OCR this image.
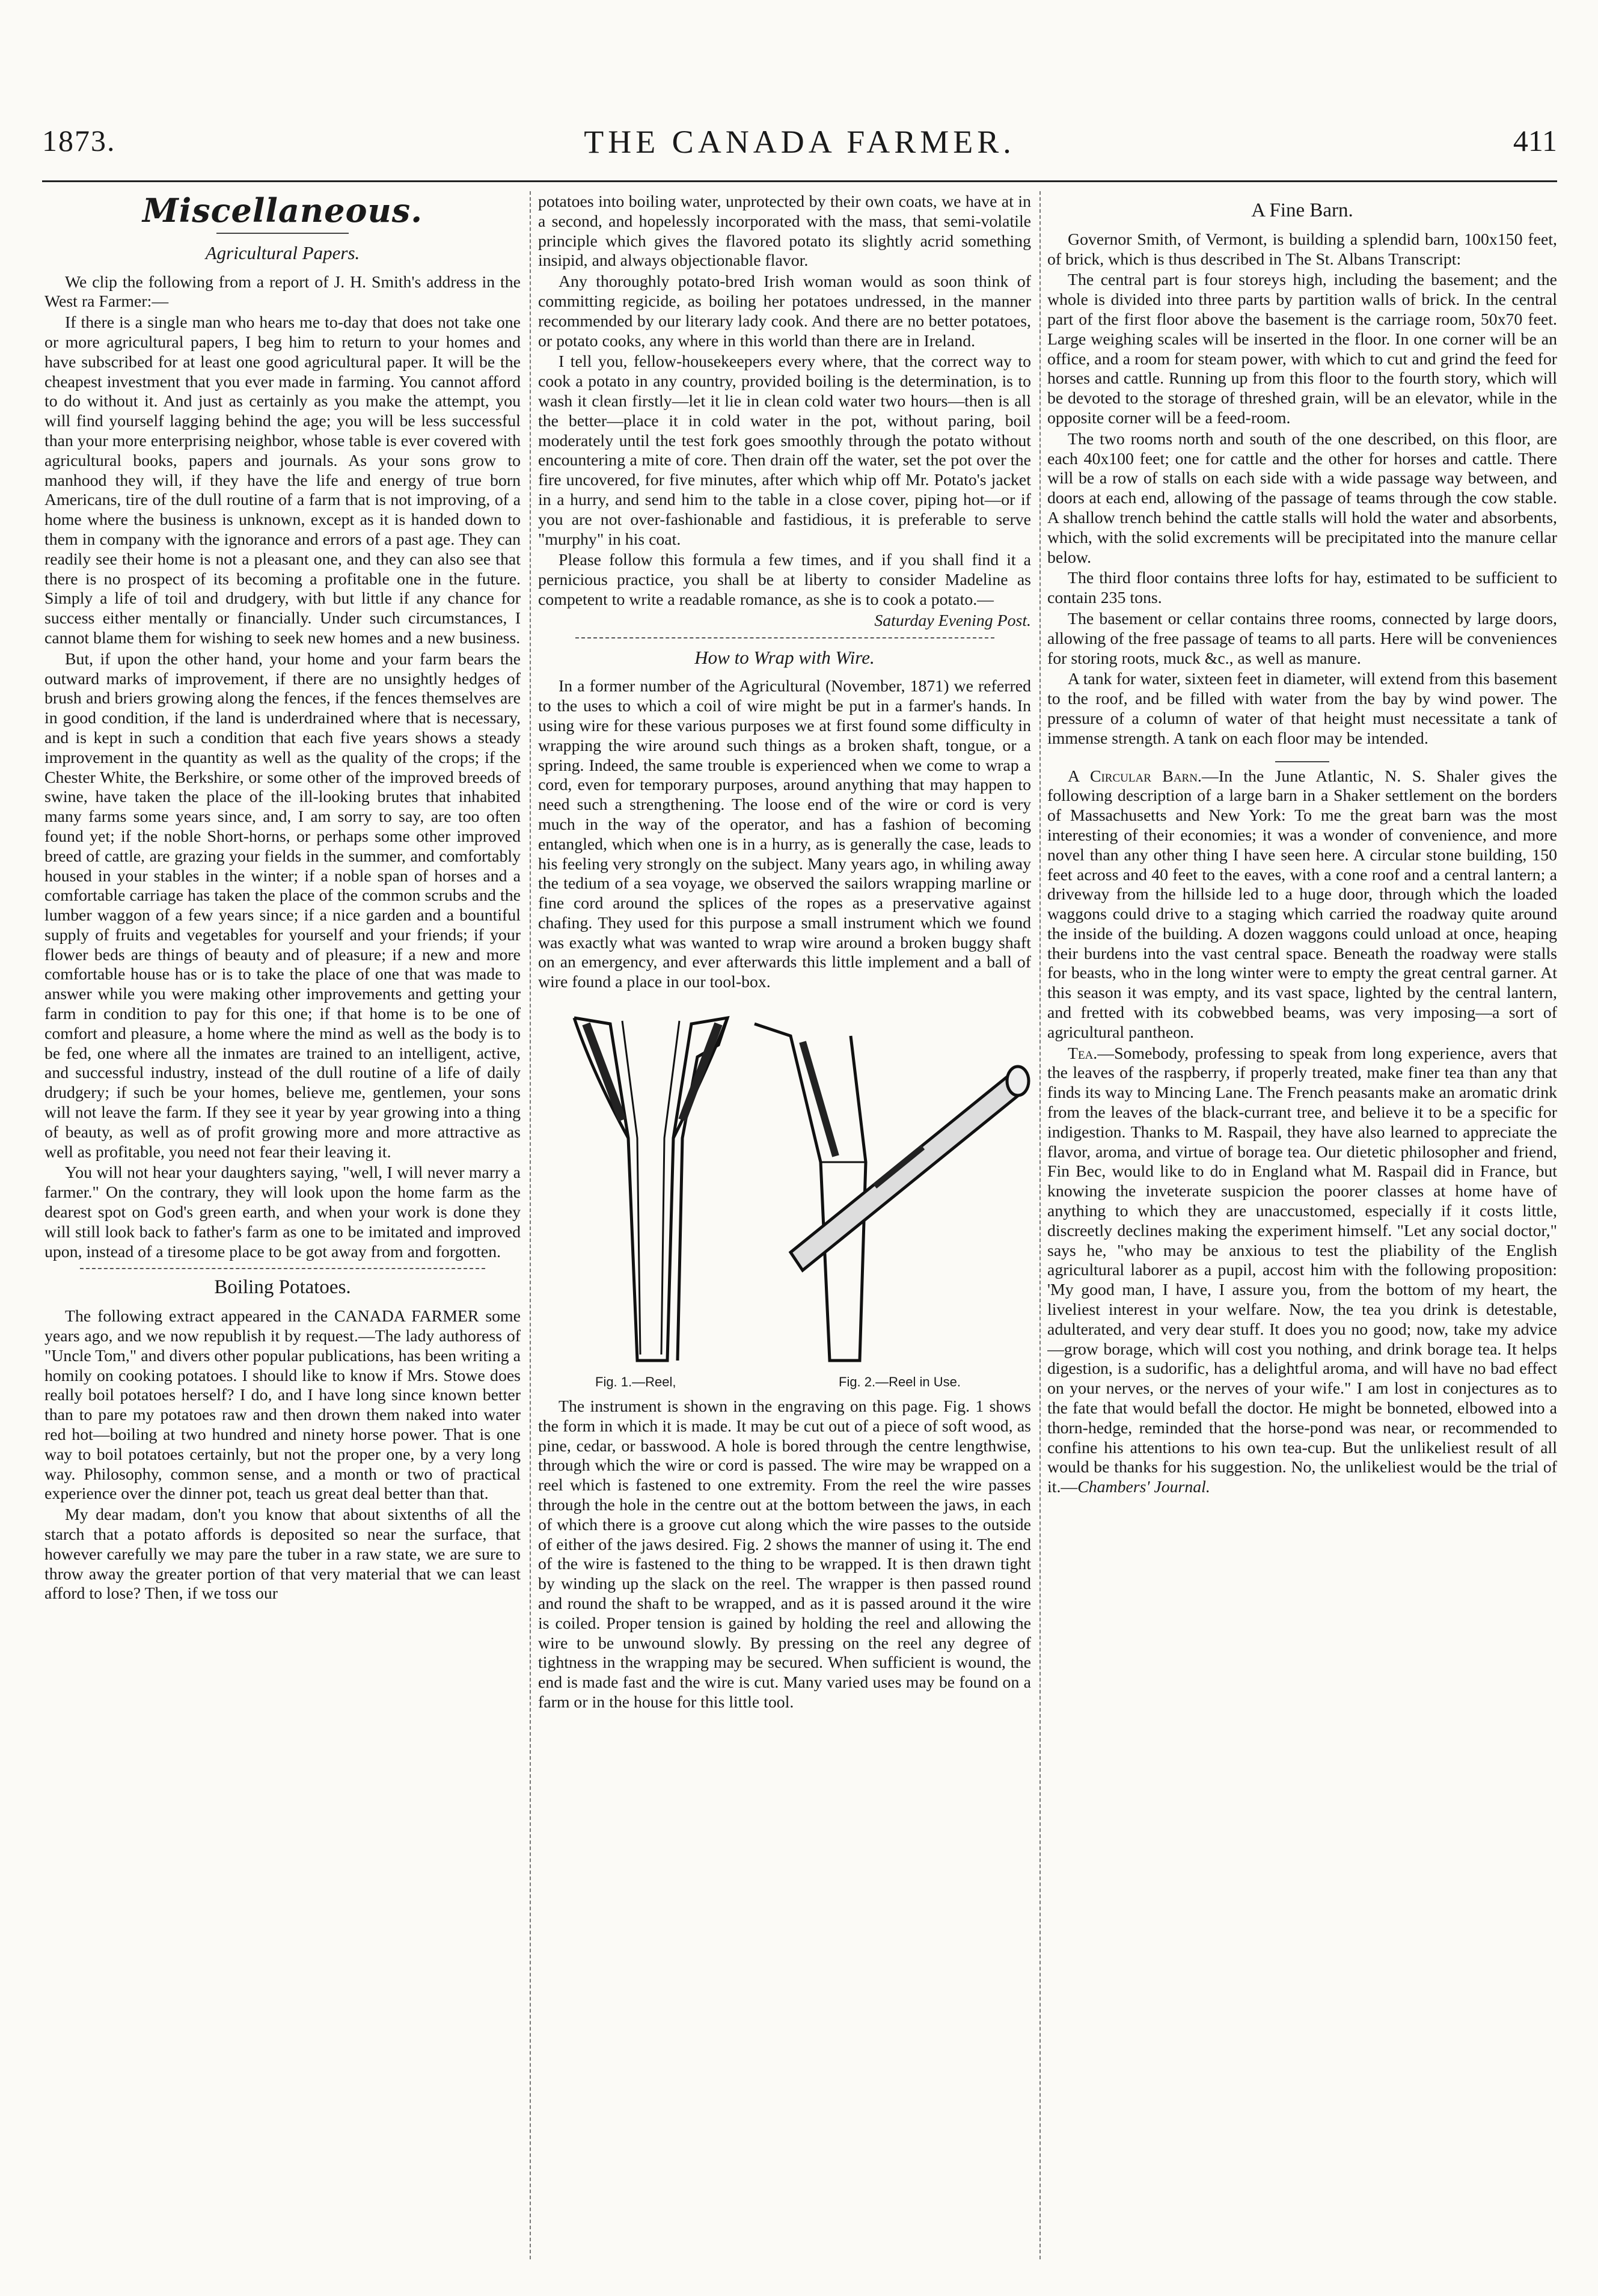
1873.	THE CANADA FARMER.	411
Miscellaneous.
Agricultural Papers.

We clip the following from a report of J. H. Smith's address in the West ra Farmer:—

If there is a single man who hears me to-day that does not take one or more agricultural papers, I beg him to return to your homes and have subscribed for at least one good agricultural paper. It will be the cheapest investment that you ever made in farming. You cannot afford to do without it. And just as certainly as you make the attempt, you will find yourself lagging behind the age; you will be less successful than your more enterprising neighbor, whose table is ever covered with agricultural books, papers and journals. As your sons grow to manhood they will, if they have the life and energy of true born Americans, tire of the dull routine of a farm that is not improving, of a home where the business is unknown, except as it is handed down to them in company with the ignorance and errors of a past age. They can readily see their home is not a pleasant one, and they can also see that there is no prospect of its becoming a profitable one in the future. Simply a life of toil and drudgery, with but little if any chance for success either mentally or financially. Under such circumstances, I cannot blame them for wishing to seek new homes and a new business.

But, if upon the other hand, your home and your farm bears the outward marks of improvement, if there are no unsightly hedges of brush and briers growing along the fences, if the fences themselves are in good condition, if the land is underdrained where that is necessary, and is kept in such a condition that each five years shows a steady improvement in the quantity as well as the quality of the crops; if the Chester White, the Berkshire, or some other of the improved breeds of swine, have taken the place of the ill-looking brutes that inhabited many farms some years since, and, I am sorry to say, are too often found yet; if the noble Short-horns, or perhaps some other improved breed of cattle, are grazing your fields in the summer, and comfortably housed in your stables in the winter; if a noble span of horses and a comfortable carriage has taken the place of the common scrubs and the lumber waggon of a few years since; if a nice garden and a bountiful supply of fruits and vegetables for yourself and your friends; if your flower beds are things of beauty and of pleasure; if a new and more comfortable house has or is to take the place of one that was made to answer while you were making other improvements and getting your farm in condition to pay for this one; if that home is to be one of comfort and pleasure, a home where the mind as well as the body is to be fed, one where all the inmates are trained to an intelligent, active, and successful industry, instead of the dull routine of a life of daily drudgery; if such be your homes, believe me, gentlemen, your sons will not leave the farm. If they see it year by year growing into a thing of beauty, as well as of profit growing more and more attractive as well as profitable, you need not fear their leaving it.

You will not hear your daughters saying, "well, I will never marry a farmer." On the contrary, they will look upon the home farm as the dearest spot on God's green earth, and when your work is done they will still look back to father's farm as one to be imitated and improved upon, instead of a tiresome place to be got away from and forgotten.

Boiling Potatoes.

The following extract appeared in the CANADA FARMER some years ago, and we now republish it by request.—The lady authoress of "Uncle Tom," and divers other popular publications, has been writing a homily on cooking potatoes. I should like to know if Mrs. Stowe does really boil potatoes herself? I do, and I have long since known better than to pare my potatoes raw and then drown them naked into water red hot—boiling at two hundred and ninety horse power. That is one way to boil potatoes certainly, but not the proper one, by a very long way. Philosophy, common sense, and a month or two of practical experience over the dinner pot, teach us great deal better than that.

My dear madam, don't you know that about sixtenths of all the starch that a potato affords is deposited so near the surface, that however carefully we may pare the tuber in a raw state, we are sure to throw away the greater portion of that very material that we can least afford to lose? Then, if we toss our

potatoes into boiling water, unprotected by their own coats, we have at in a second, and hopelessly incorporated with the mass, that semi-volatile principle which gives the flavored potato its slightly acrid something insipid, and always objectionable flavor.

Any thoroughly potato-bred Irish woman would as soon think of committing regicide, as boiling her potatoes undressed, in the manner recommended by our literary lady cook. And there are no better potatoes, or potato cooks, any where in this world than there are in Ireland.

I tell you, fellow-housekeepers every where, that the correct way to cook a potato in any country, provided boiling is the determination, is to wash it clean firstly—let it lie in clean cold water two hours—then is all the better—place it in cold water in the pot, without paring, boil moderately until the test fork goes smoothly through the potato without encountering a mite of core. Then drain off the water, set the pot over the fire uncovered, for five minutes, after which whip off Mr. Potato's jacket in a hurry, and send him to the table in a close cover, piping hot—or if you are not over-fashionable and fastidious, it is preferable to serve "murphy" in his coat.

Please follow this formula a few times, and if you shall find it a pernicious practice, you shall be at liberty to consider Madeline as competent to write a readable romance, as she is to cook a potato.—

Saturday Evening Post.
How to Wrap with Wire.

In a former number of the Agricultural (November, 1871) we referred to the uses to which a coil of wire might be put in a farmer's hands. In using wire for these various purposes we at first found some difficulty in wrapping the wire around such things as a broken shaft, tongue, or a spring. Indeed, the same trouble is experienced when we come to wrap a cord, even for temporary purposes, around anything that may happen to need such a strengthening. The loose end of the wire or cord is very much in the way of the operator, and has a fashion of becoming entangled, which when one is in a hurry, as is generally the case, leads to his feeling very strongly on the subject. Many years ago, in whiling away the tedium of a sea voyage, we observed the sailors wrapping marline or fine cord around the splices of the ropes as a preservative against chafing. They used for this purpose a small instrument which we found was exactly what was wanted to wrap wire around a broken buggy shaft on an emergency, and ever afterwards this little implement and a ball of wire found a place in our tool-box.

Fig. 1.—Reel,	Fig. 2.—Reel in Use.

The instrument is shown in the engraving on this page. Fig. 1 shows the form in which it is made. It may be cut out of a piece of soft wood, as pine, cedar, or basswood. A hole is bored through the centre lengthwise, through which the wire or cord is passed. The wire may be wrapped on a reel which is fastened to one extremity. From the reel the wire passes through the hole in the centre out at the bottom between the jaws, in each of which there is a groove cut along which the wire passes to the outside of either of the jaws desired. Fig. 2 shows the manner of using it. The end of the wire is fastened to the thing to be wrapped. It is then drawn tight by winding up the slack on the reel. The wrapper is then passed round and round the shaft to be wrapped, and as it is passed around it the wire is coiled. Proper tension is gained by holding the reel and allowing the wire to be unwound slowly. By pressing on the reel any degree of tightness in the wrapping may be secured. When sufficient is wound, the end is made fast and the wire is cut. Many varied uses may be found on a farm or in the house for this little tool.

A Fine Barn.

Governor Smith, of Vermont, is building a splendid barn, 100x150 feet, of brick, which is thus described in The St. Albans Transcript:

The central part is four storeys high, including the basement; and the whole is divided into three parts by partition walls of brick. In the central part of the first floor above the basement is the carriage room, 50x70 feet. Large weighing scales will be inserted in the floor. In one corner will be an office, and a room for steam power, with which to cut and grind the feed for horses and cattle. Running up from this floor to the fourth story, which will be devoted to the storage of threshed grain, will be an elevator, while in the opposite corner will be a feed-room.

The two rooms north and south of the one described, on this floor, are each 40x100 feet; one for cattle and the other for horses and cattle. There will be a row of stalls on each side with a wide passage way between, and doors at each end, allowing of the passage of teams through the cow stable. A shallow trench behind the cattle stalls will hold the water and absorbents, which, with the solid excrements will be precipitated into the manure cellar below.

The third floor contains three lofts for hay, estimated to be sufficient to contain 235 tons.

The basement or cellar contains three rooms, connected by large doors, allowing of the free passage of teams to all parts. Here will be conveniences for storing roots, muck &c., as well as manure.

A tank for water, sixteen feet in diameter, will extend from this basement to the roof, and be filled with water from the bay by wind power. The pressure of a column of water of that height must necessitate a tank of immense strength. A tank on each floor may be intended.

A Circular Barn.—In the June Atlantic, N. S. Shaler gives the following description of a large barn in a Shaker settlement on the borders of Massachusetts and New York: To me the great barn was the most interesting of their economies; it was a wonder of convenience, and more novel than any other thing I have seen here. A circular stone building, 150 feet across and 40 feet to the eaves, with a cone roof and a central lantern; a driveway from the hillside led to a huge door, through which the loaded waggons could drive to a staging which carried the roadway quite around the inside of the building. A dozen waggons could unload at once, heaping their burdens into the vast central space. Beneath the roadway were stalls for beasts, who in the long winter were to empty the great central garner. At this season it was empty, and its vast space, lighted by the central lantern, and fretted with its cobwebbed beams, was very imposing—a sort of agricultural pantheon.

Tea.—Somebody, professing to speak from long experience, avers that the leaves of the raspberry, if properly treated, make finer tea than any that finds its way to Mincing Lane. The French peasants make an aromatic drink from the leaves of the black-currant tree, and believe it to be a specific for indigestion. Thanks to M. Raspail, they have also learned to appreciate the flavor, aroma, and virtue of borage tea. Our dietetic philosopher and friend, Fin Bec, would like to do in England what M. Raspail did in France, but knowing the inveterate suspicion the poorer classes at home have of anything to which they are unaccustomed, especially if it costs little, discreetly declines making the experiment himself. "Let any social doctor," says he, "who may be anxious to test the pliability of the English agricultural laborer as a pupil, accost him with the following proposition: 'My good man, I have, I assure you, from the bottom of my heart, the liveliest interest in your welfare. Now, the tea you drink is detestable, adulterated, and very dear stuff. It does you no good; now, take my advice—grow borage, which will cost you nothing, and drink borage tea. It helps digestion, is a sudorific, has a delightful aroma, and will have no bad effect on your nerves, or the nerves of your wife." I am lost in conjectures as to the fate that would befall the doctor. He might be bonneted, elbowed into a thorn-hedge, reminded that the horse-pond was near, or recommended to confine his attentions to his own tea-cup. But the unlikeliest result of all would be thanks for his suggestion. No, the unlikeliest would be the trial of it.—Chambers' Journal.
